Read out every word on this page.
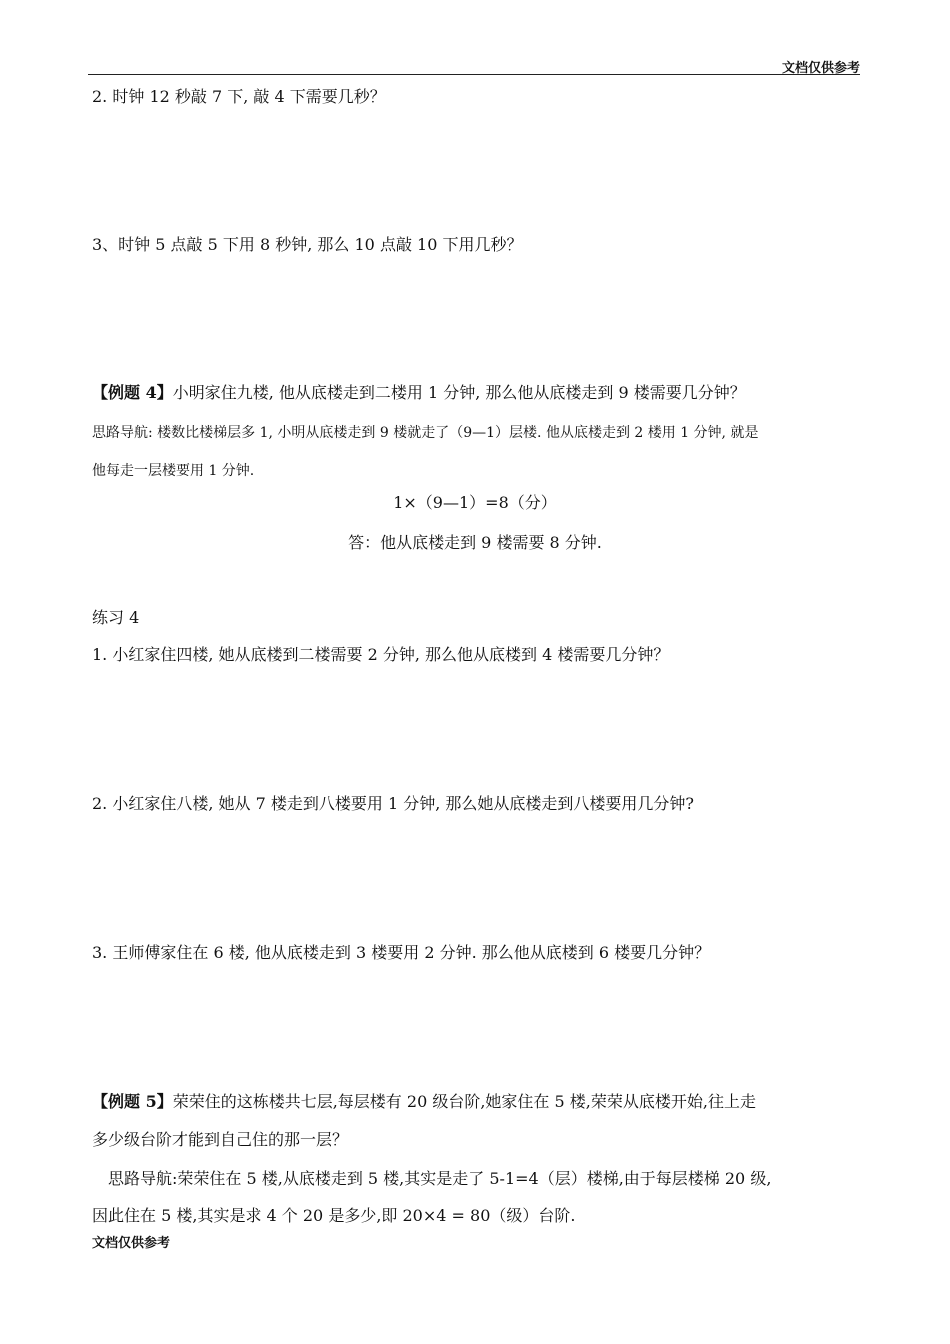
文档仅供参考
2. 时钟 12 秒敲 7 下, 敲 4 下需要几秒？
3、时钟 5 点敲 5 下用 8 秒钟, 那么 10 点敲 10 下用几秒？
【例题 4】小明家住九楼, 他从底楼走到二楼用 1 分钟, 那么他从底楼走到 9 楼需要几分钟？
思路导航: 楼数比楼梯层多 1, 小明从底楼走到 9 楼就走了（9—1）层楼. 他从底楼走到 2 楼用 1 分钟, 就是
他每走一层楼要用 1 分钟.
1×（9—1）=8（分）
答：他从底楼走到 9 楼需要 8 分钟.
练习 4
1. 小红家住四楼, 她从底楼到二楼需要 2 分钟, 那么他从底楼到 4 楼需要几分钟？
2. 小红家住八楼, 她从 7 楼走到八楼要用 1 分钟, 那么她从底楼走到八楼要用几分钟?
3. 王师傅家住在 6 楼, 他从底楼走到 3 楼要用 2 分钟. 那么他从底楼到 6 楼要几分钟？
【例题 5】荣荣住的这栋楼共七层,每层楼有 20 级台阶,她家住在 5 楼,荣荣从底楼开始,往上走
多少级台阶才能到自己住的那一层？
思路导航:荣荣住在 5 楼,从底楼走到 5 楼,其实是走了 5-1=4（层）楼梯,由于每层楼梯 20 级,
因此住在 5 楼,其实是求 4 个 20 是多少,即 20×4 = 80（级）台阶.
文档仅供参考
